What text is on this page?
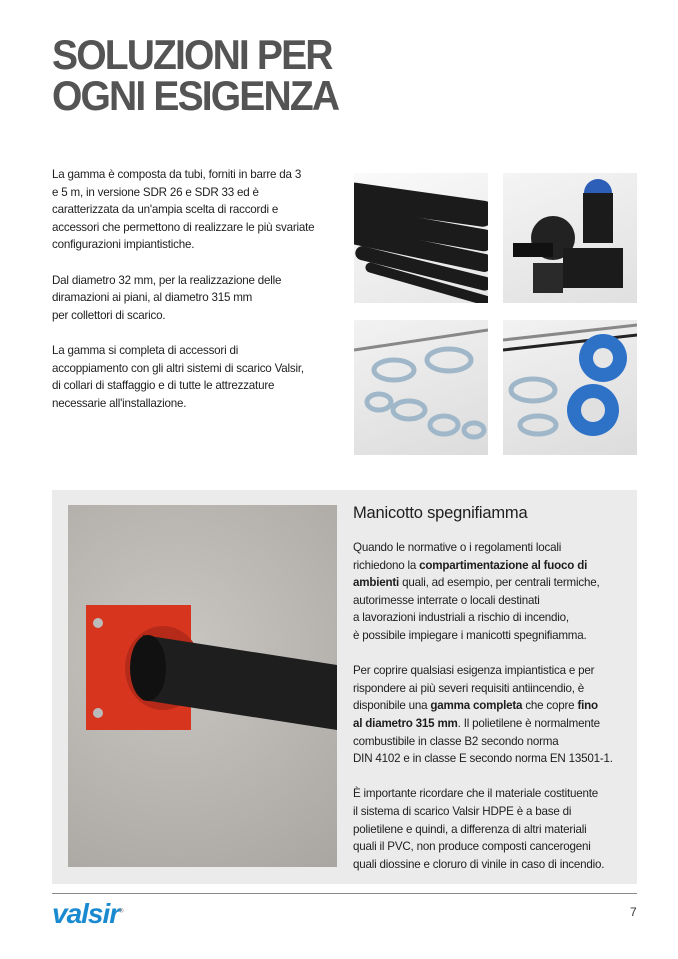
SOLUZIONI PER
OGNI ESIGENZA

La gamma è composta da tubi, forniti in barre da 3
e 5 m, in versione SDR 26 e SDR 33 ed è
caratterizzata da un'ampia scelta di raccordi e
accessori che permettono di realizzare le più svariate
configurazioni impiantistiche.

Dal diametro 32 mm, per la realizzazione delle
diramazioni ai piani, al diametro 315 mm
per collettori di scarico.

La gamma si completa di accessori di
accoppiamento con gli altri sistemi di scarico Valsir,
di collari di staffaggio e di tutte le attrezzature
necessarie all'installazione.

Manicotto spegnifiamma

Quando le normative o i regolamenti locali
richiedono la compartimentazione al fuoco di
ambienti quali, ad esempio, per centrali termiche,
autorimesse interrate o locali destinati
a lavorazioni industriali a rischio di incendio,
è possibile impiegare i manicotti spegnifiamma.

Per coprire qualsiasi esigenza impiantistica e per
rispondere ai più severi requisiti antiincendio, è
disponibile una gamma completa che copre fino
al diametro 315 mm. Il polietilene è normalmente
combustibile in classe B2 secondo norma
DIN 4102 e in classe E secondo norma EN 13501-1.

È importante ricordare che il materiale costituente
il sistema di scarico Valsir HDPE è a base di
polietilene e quindi, a differenza di altri materiali
quali il PVC, non produce composti cancerogeni
quali diossine e cloruro di vinile in caso di incendio.

valsir®	7
